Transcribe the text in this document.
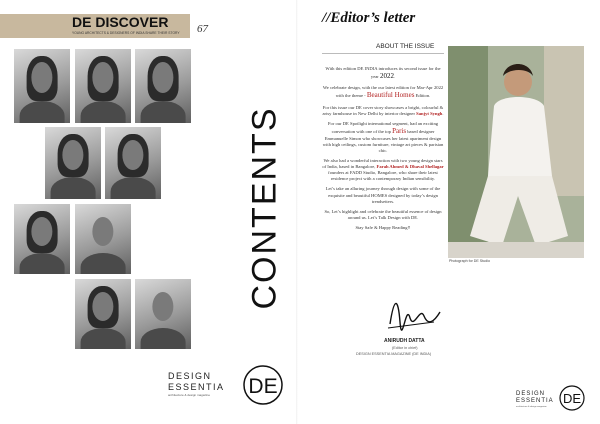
DE DISCOVER
YOUNG ARCHITECTS & DESIGNERS OF INDIA SHARE THEIR STORY 67
DESIGN
ESSENTIA
architecture & design magazine DE
CONTENTS
//Editor’s letter
ABOUT THE ISSUE

With this edition DE INDIA introduces its second issue for the year 2022.

We celebrate design, with the our latest edition for Mar-Apr 2022 with the theme - Beautiful Homes Edition.

For this issue our DE cover story showcases a bright, colourful & artsy farmhouse in New Delhi by interior designer Sanjyt Syngh.

For our DE Spotlight international segment, had an exciting conversation with one of the top Paris based designer Emmanuelle Simon who showcases her latest apartment design with high ceilings, custom furniture, vintage art pieces & parisian chic.

We also had a wonderful interaction with two young design stars of India, based in Bangalore, Farah Ahmed & Dhaval Shellagar founders at FADD Studio, Bangalore, who share their latest residence project with a contemporary Indian sensibility.

Let’s take an alluring journey through design with some of the exquisite and beautiful HOMES designed by today’s design trendsetters.

So, Let’s highlight and celebrate the beautiful essence of design around us. Let’s Talk Design with DE.

Stay Safe & Happy Reading!!

ANIRUDH DATTA
(Editor in chief)
DESIGN ESSENTIA MAGAZINE (DE INDIA)
Photograph for DE Studio
DESIGN
ESSENTIA
architecture & design magazine
DE
